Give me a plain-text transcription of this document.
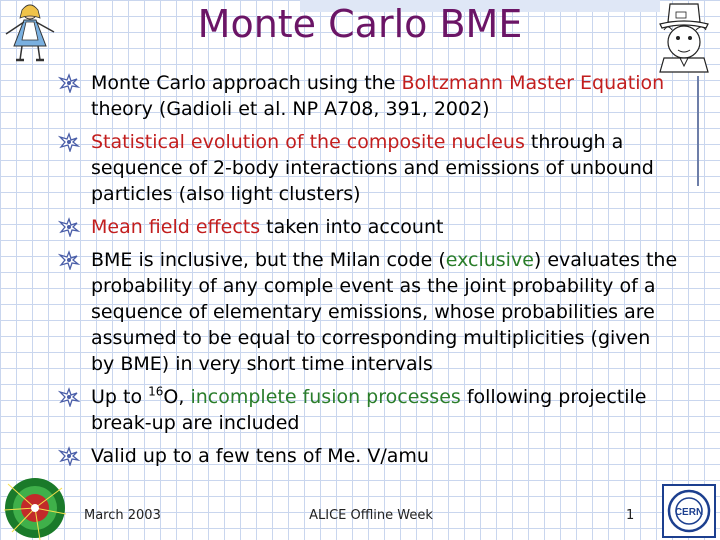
Monte Carlo BME
Monte Carlo approach using the Boltzmann Master Equation theory (Gadioli et al. NP A708, 391, 2002)
Statistical evolution of the composite nucleus through a sequence of 2-body interactions and emissions of unbound particles (also light clusters)
Mean field effects taken into account
BME is inclusive, but the Milan code (exclusive) evaluates the probability of any comple event as the joint probability of a sequence of elementary emissions, whose probabilities are assumed to be equal to corresponding multiplicities (given by BME) in very short time intervals
Up to $^{16}$O, incomplete fusion processes following projectile break-up are included
Valid up to a few tens of Me. V/amu
March 2003	ALICE Offline Week	1	CERN
